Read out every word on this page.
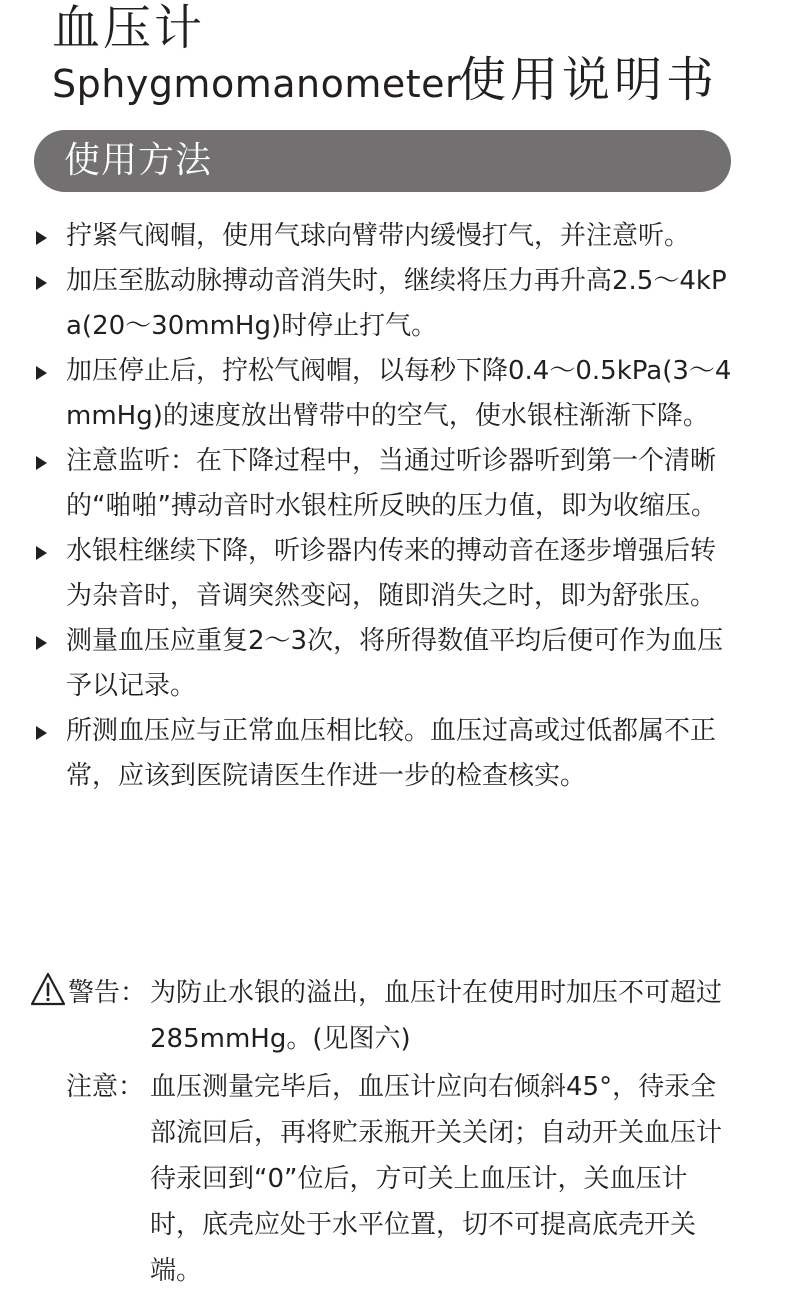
血压计
Sphygmomanometer
使用说明书
使用方法
拧紧气阀帽，使用气球向臂带内缓慢打气，并注意听。
加压至肱动脉搏动音消失时，继续将压力再升高2.5～4kPa(20～30mmHg)时停止打气。
加压停止后，拧松气阀帽，以每秒下降0.4～0.5kPa(3～4mmHg)的速度放出臂带中的空气，使水银柱渐渐下降。
注意监听：在下降过程中，当通过听诊器听到第一个清晰的“啪啪”搏动音时水银柱所反映的压力值，即为收缩压。
水银柱继续下降，听诊器内传来的搏动音在逐步增强后转为杂音时，音调突然变闷，随即消失之时，即为舒张压。
测量血压应重复2～3次，将所得数值平均后便可作为血压予以记录。
所测血压应与正常血压相比较。血压过高或过低都属不正常，应该到医院请医生作进一步的检查核实。
警告： 为防止水银的溢出，血压计在使用时加压不可超过285mmHg。(见图六)
注意： 血压测量完毕后，血压计应向右倾斜45°，待汞全部流回后，再将贮汞瓶开关关闭；自动开关血压计待汞回到“0”位后，方可关上血压计，关血压计时，底壳应处于水平位置，切不可提高底壳开关端。
